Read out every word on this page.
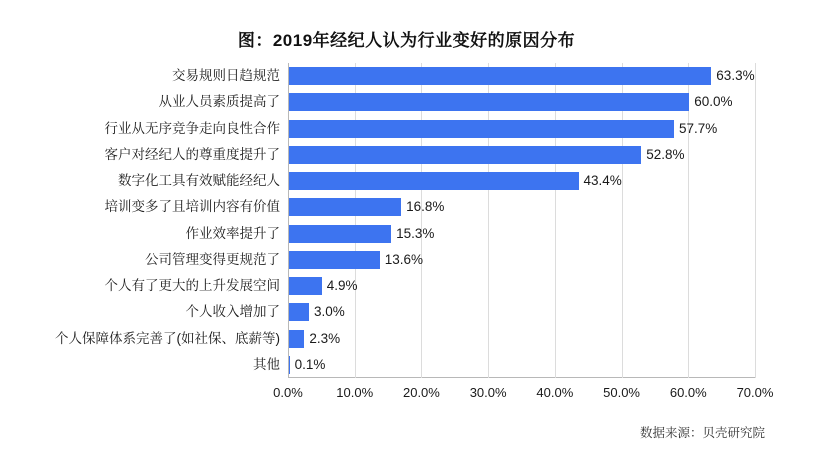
图：2019年经纪人认为行业变好的原因分布
交易规则日趋规范	63.3%
从业人员素质提高了	60.0%
行业从无序竞争走向良性合作	57.7%
客户对经纪人的尊重度提升了	52.8%
数字化工具有效赋能经纪人	43.4%
培训变多了且培训内容有价值	16.8%
作业效率提升了	15.3%
公司管理变得更规范了	13.6%
个人有了更大的上升发展空间	4.9%
个人收入增加了	3.0%
个人保障体系完善了(如社保、底薪等)	2.3%
其他	0.1%
0.0%	10.0% 20.0% 30.0% 40.0% 50.0% 60.0% 70.0%
数据来源：贝壳研究院
